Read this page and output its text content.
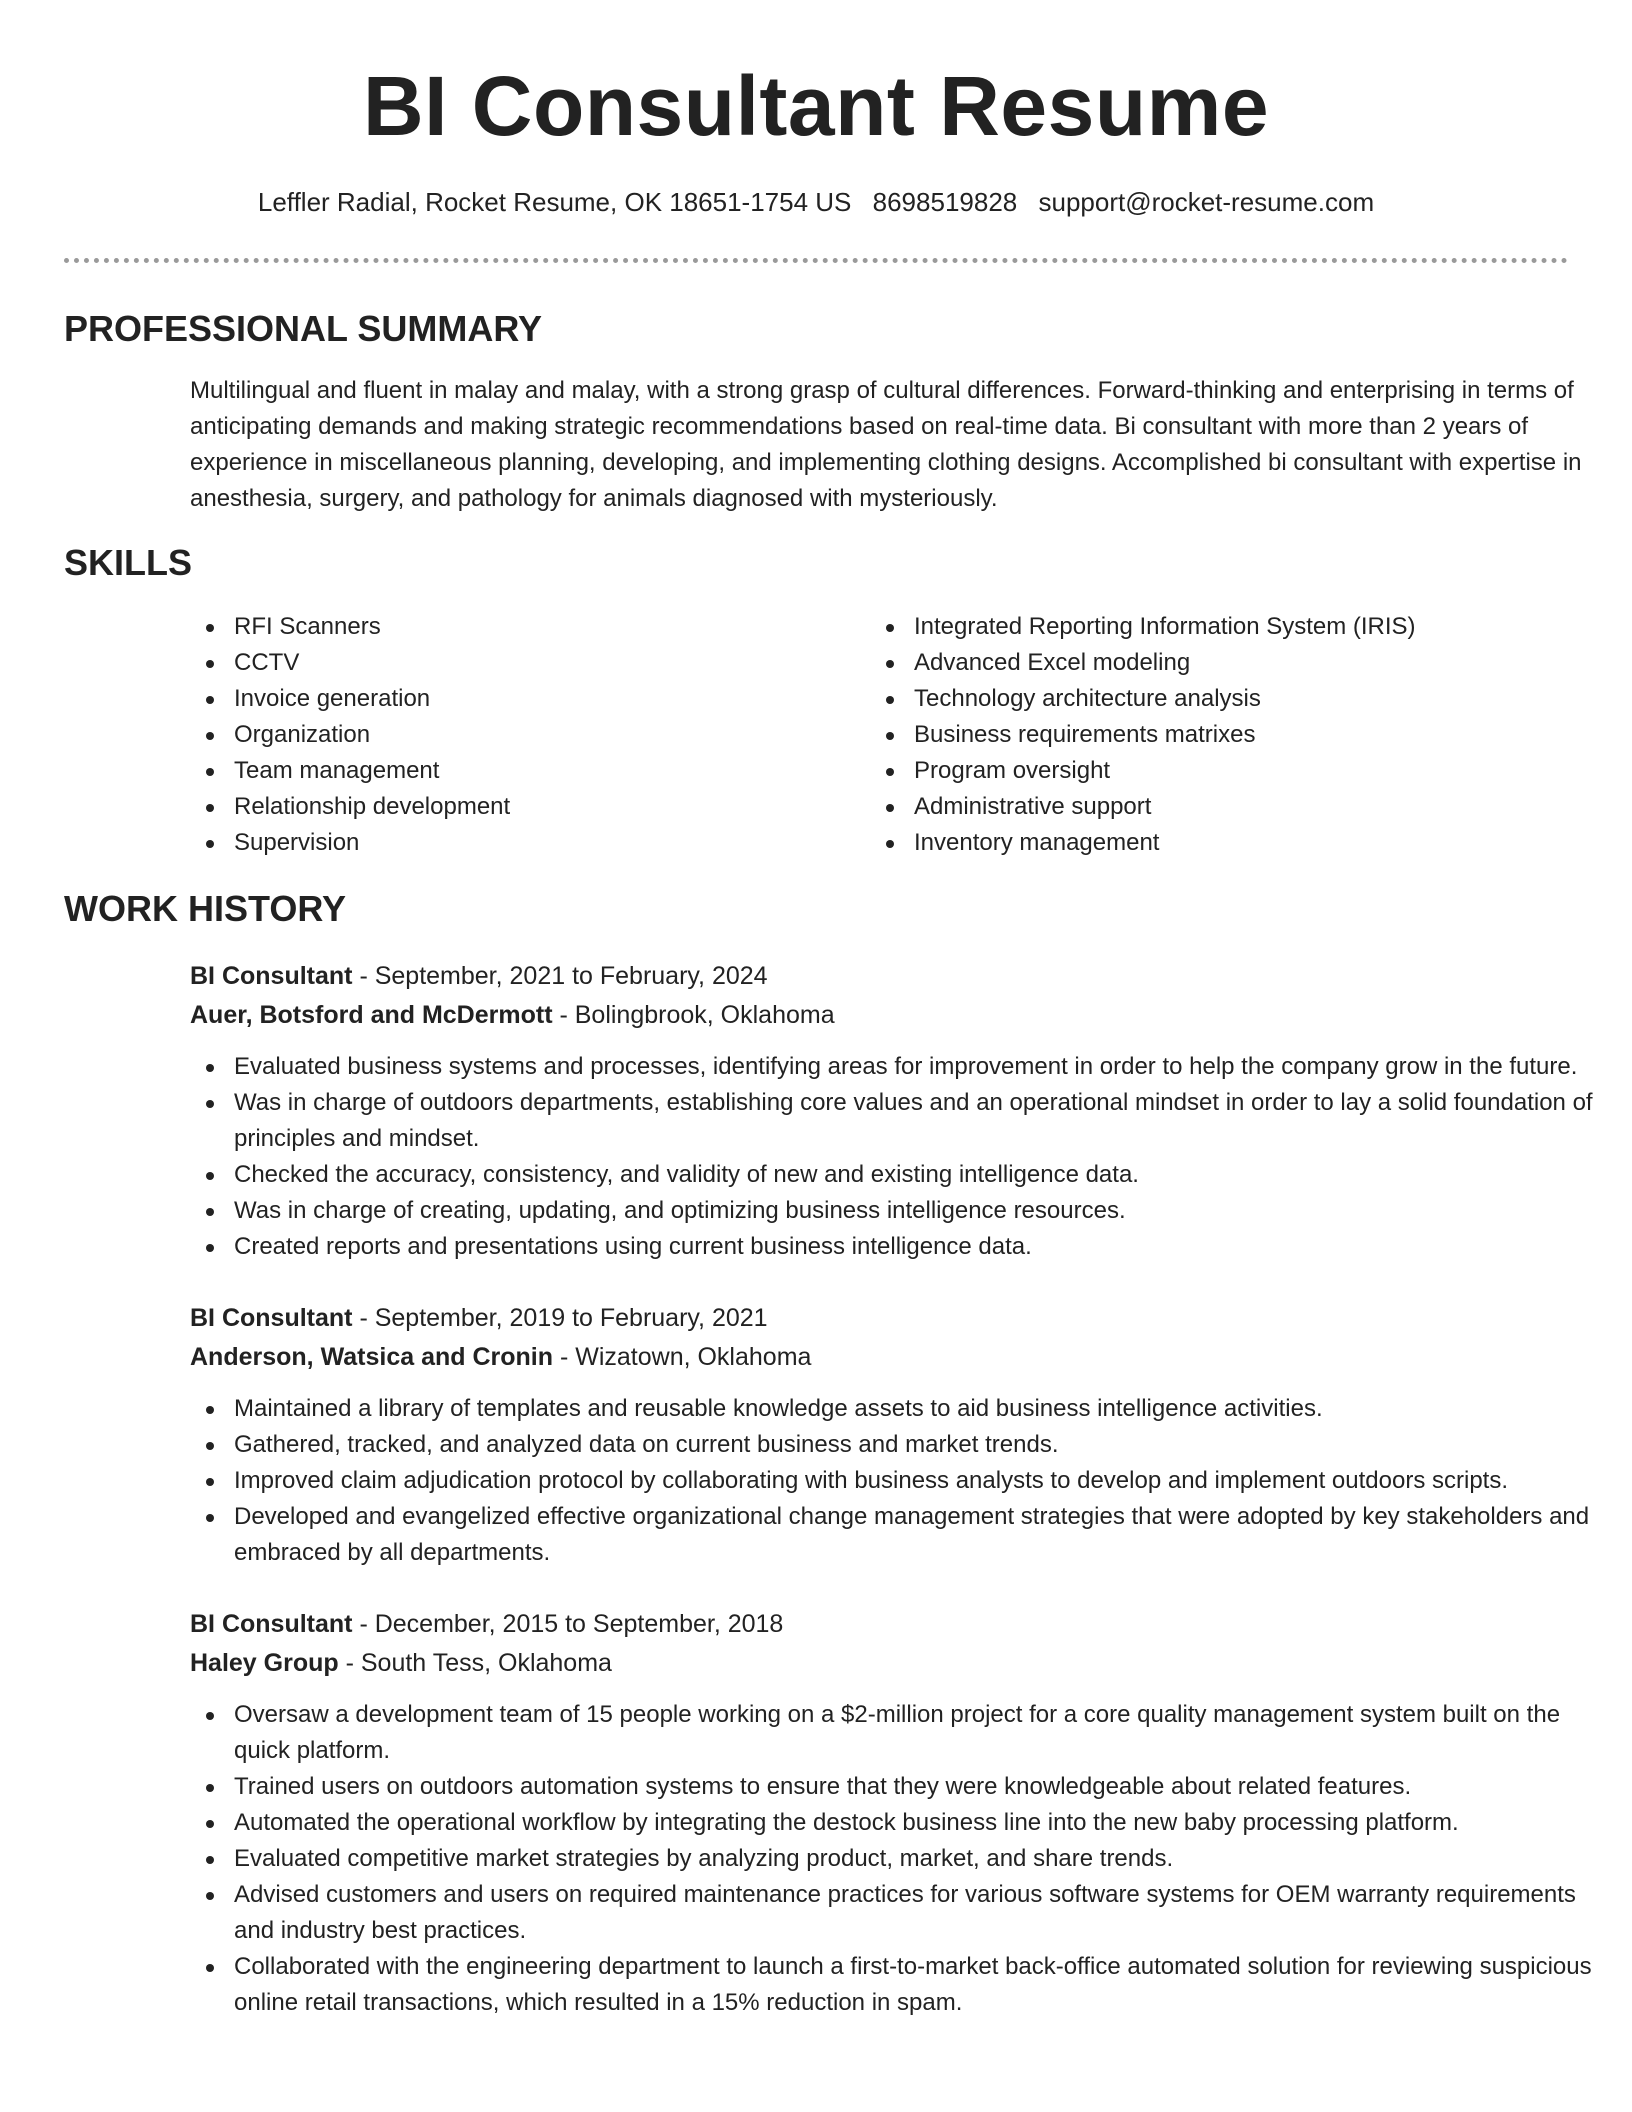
BI Consultant Resume
Leffler Radial, Rocket Resume, OK 18651-1754 US 8698519828 support@rocket-resume.com
PROFESSIONAL SUMMARY

Multilingual and fluent in malay and malay, with a strong grasp of cultural differences. Forward-thinking and enterprising in terms of anticipating demands and making strategic recommendations based on real-time data. Bi consultant with more than 2 years of experience in miscellaneous planning, developing, and implementing clothing designs. Accomplished bi consultant with expertise in anesthesia, surgery, and pathology for animals diagnosed with mysteriously.

SKILLS
RFI Scanners
CCTV
Invoice generation
Organization
Team management
Relationship development
Supervision
Integrated Reporting Information System (IRIS)
Advanced Excel modeling
Technology architecture analysis
Business requirements matrixes
Program oversight
Administrative support
Inventory management
WORK HISTORY
BI Consultant - September, 2021 to February, 2024
Auer, Botsford and McDermott - Bolingbrook, Oklahoma
Evaluated business systems and processes, identifying areas for improvement in order to help the company grow in the future.
Was in charge of outdoors departments, establishing core values and an operational mindset in order to lay a solid foundation of principles and mindset.
Checked the accuracy, consistency, and validity of new and existing intelligence data.
Was in charge of creating, updating, and optimizing business intelligence resources.
Created reports and presentations using current business intelligence data.
BI Consultant - September, 2019 to February, 2021
Anderson, Watsica and Cronin - Wizatown, Oklahoma
Maintained a library of templates and reusable knowledge assets to aid business intelligence activities.
Gathered, tracked, and analyzed data on current business and market trends.
Improved claim adjudication protocol by collaborating with business analysts to develop and implement outdoors scripts.
Developed and evangelized effective organizational change management strategies that were adopted by key stakeholders and embraced by all departments.
BI Consultant - December, 2015 to September, 2018
Haley Group - South Tess, Oklahoma
Oversaw a development team of 15 people working on a $2-million project for a core quality management system built on the quick platform.
Trained users on outdoors automation systems to ensure that they were knowledgeable about related features.
Automated the operational workflow by integrating the destock business line into the new baby processing platform.
Evaluated competitive market strategies by analyzing product, market, and share trends.
Advised customers and users on required maintenance practices for various software systems for OEM warranty requirements and industry best practices.
Collaborated with the engineering department to launch a first-to-market back-office automated solution for reviewing suspicious online retail transactions, which resulted in a 15% reduction in spam.
